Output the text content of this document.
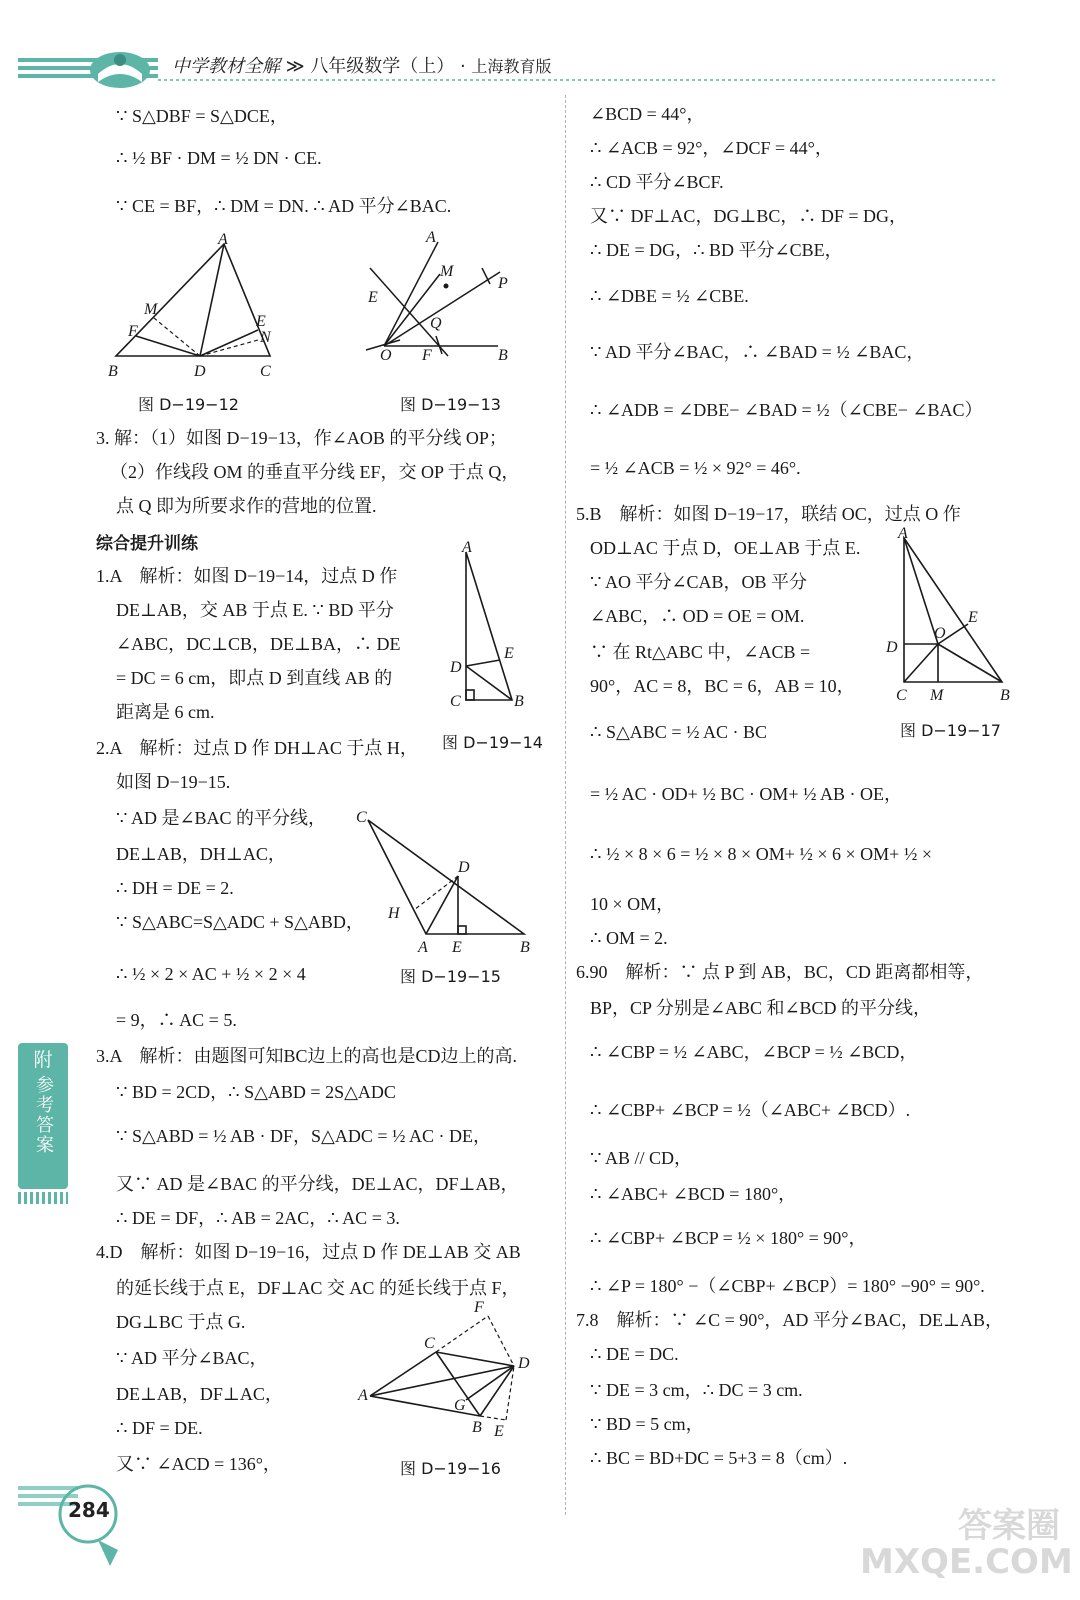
中学教材全解 ≫ 八年级数学（上） · 上海教育版
∵ S△DBF = S△DCE，
∴ ½ BF · DM = ½ DN · CE.
∵ CE = BF，∴ DM = DN. ∴ AD 平分∠BAC.
A
M
F
E
N
B	D	C
图 D−19−12
A
M
E
P
Q
O F	B
图 D−19−13
3. 解：（1）如图 D−19−13，作∠AOB 的平分线 OP；
（2）作线段 OM 的垂直平分线 EF，交 OP 于点 Q，
点 Q 即为所要求作的营地的位置.
综合提升训练
1.A　解析：如图 D−19−14，过点 D 作
DE⊥AB，交 AB 于点 E. ∵ BD 平分
∠ABC，DC⊥CB，DE⊥BA，∴ DE
= DC = 6 cm，即点 D 到直线 AB 的
距离是 6 cm.
A
E
D
C	B
图 D−19−14
2.A　解析：过点 D 作 DH⊥AC 于点 H，
如图 D−19−15.
∵ AD 是∠BAC 的平分线，
DE⊥AB，DH⊥AC，
∴ DH = DE = 2.
∵ S△ABC=S△ADC + S△ABD，
∴ ½ × 2 × AC + ½ × 2 × 4
= 9，∴ AC = 5.
C
D
H
A E	B
图 D−19−15
3.A　解析：由题图可知BC边上的高也是CD边上的高.
∵ BD = 2CD，∴ S△ABD = 2S△ADC
∵ S△ABD = ½ AB · DF，S△ADC = ½ AC · DE，
又∵ AD 是∠BAC 的平分线，DE⊥AC，DF⊥AB，
∴ DE = DF，∴ AB = 2AC，∴ AC = 3.
4.D　解析：如图 D−19−16，过点 D 作 DE⊥AB 交 AB
的延长线于点 E，DF⊥AC 交 AC 的延长线于点 F，
DG⊥BC 于点 G.
∵ AD 平分∠BAC，
DE⊥AB，DF⊥AC，
∴ DF = DE.
又∵ ∠ACD = 136°，
F
C
D
A
G
B E
图 D−19−16
∠BCD = 44°，
∴ ∠ACB = 92°，∠DCF = 44°，
∴ CD 平分∠BCF.
又∵ DF⊥AC，DG⊥BC，∴ DF = DG，
∴ DE = DG，∴ BD 平分∠CBE，
∴ ∠DBE = ½ ∠CBE.
∵ AD 平分∠BAC，∴ ∠BAD = ½ ∠BAC，
∴ ∠ADB = ∠DBE− ∠BAD = ½（∠CBE− ∠BAC）
= ½ ∠ACB = ½ × 92° = 46°.
5.B　解析：如图 D−19−17，联结 OC，过点 O 作
OD⊥AC 于点 D，OE⊥AB 于点 E.
∵ AO 平分∠CAB，OB 平分
∠ABC，∴ OD = OE = OM.
∵ 在 Rt△ABC 中，∠ACB =
90°，AC = 8，BC = 6，AB = 10，
∴ S△ABC = ½ AC · BC
= ½ AC · OD+ ½ BC · OM+ ½ AB · OE，
∴ ½ × 8 × 6 = ½ × 8 × OM+ ½ × 6 × OM+ ½ ×
10 × OM，
∴ OM = 2.
A
E
O
D
C M	B
图 D−19−17
6.90　解析：∵ 点 P 到 AB，BC，CD 距离都相等，
BP，CP 分别是∠ABC 和∠BCD 的平分线，
∴ ∠CBP = ½ ∠ABC，∠BCP = ½ ∠BCD，
∴ ∠CBP+ ∠BCP = ½（∠ABC+ ∠BCD）.
∵ AB // CD，
∴ ∠ABC+ ∠BCD = 180°，
∴ ∠CBP+ ∠BCP = ½ × 180° = 90°，
∴ ∠P = 180° −（∠CBP+ ∠BCP）= 180° −90° = 90°.
7.8　解析：∵ ∠C = 90°，AD 平分∠BAC，DE⊥AB，
∴ DE = DC.
∵ DE = 3 cm，∴ DC = 3 cm.
∵ BD = 5 cm，
∴ BC = BD+DC = 5+3 = 8（cm）.
附
参考答案
284	答案圈 MXQE.COM
